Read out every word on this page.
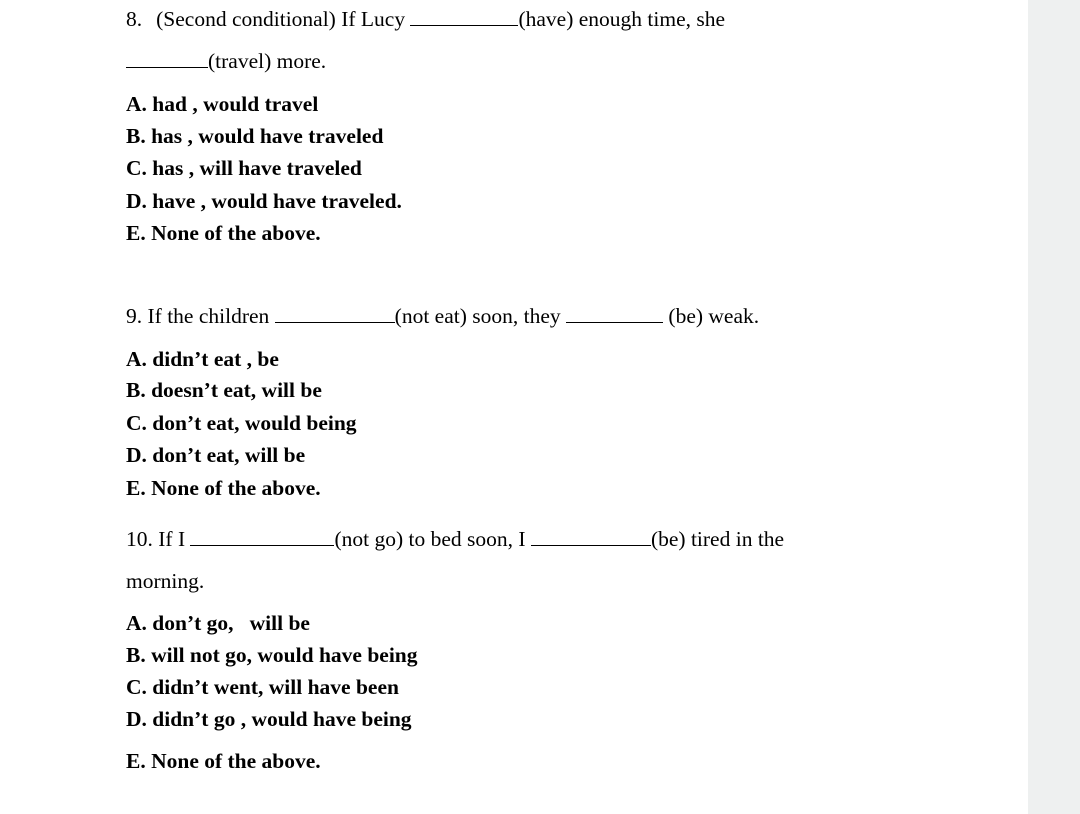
8. (Second conditional) If Lucy	(have) enough time, she
(travel) more.
A. had , would travel
B. has , would have traveled
C. has , will have traveled
D. have , would have traveled.
E. None of the above.
9. If the children	(not eat) soon, they	(be) weak.
A. didn’t eat , be
B. doesn’t eat, will be
C. don’t eat, would being
D. don’t eat, will be
E. None of the above.
10. If I	(not go) to bed soon, I	(be) tired in the
morning.
A. don’t go,   will be
B. will not go, would have being
C. didn’t went, will have been
D. didn’t go , would have being
E. None of the above.
